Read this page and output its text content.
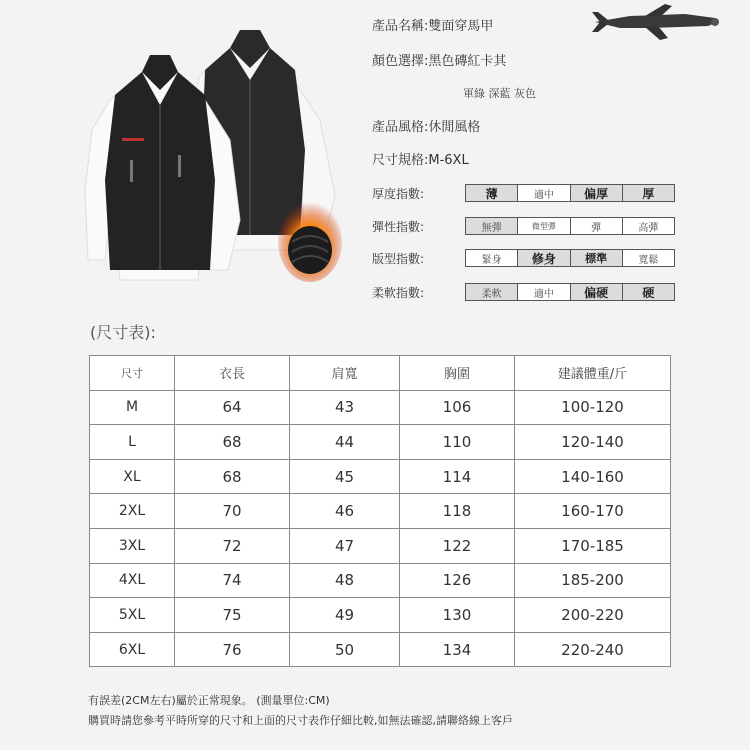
產品名稱:雙面穿馬甲
顏色選擇:黑色磚紅卡其
軍綠 深藍 灰色
產品風格:休閒風格
尺寸規格:M-6XL
厚度指數:	薄	適中	偏厚	厚
彈性指數:	無彈	微型彈	彈	高彈
版型指數:	緊身	修身	標準	寬鬆
柔軟指數:	柔軟	適中	偏硬	硬
(尺寸表):
尺寸	衣長	肩寬	胸圍	建議體重/斤
M	64	43	106	100-120
L	68	44	110	120-140
XL	68	45	114	140-160
2XL	70	46	118	160-170
3XL	72	47	122	170-185
4XL	74	48	126	185-200
5XL	75	49	130	200-220
6XL	76	50	134	220-240
有誤差(2CM左右)屬於正常現象。 (測量單位:CM)
購買時請您參考平時所穿的尺寸和上面的尺寸表作仔細比較,如無法確認,請聯絡線上客戶
